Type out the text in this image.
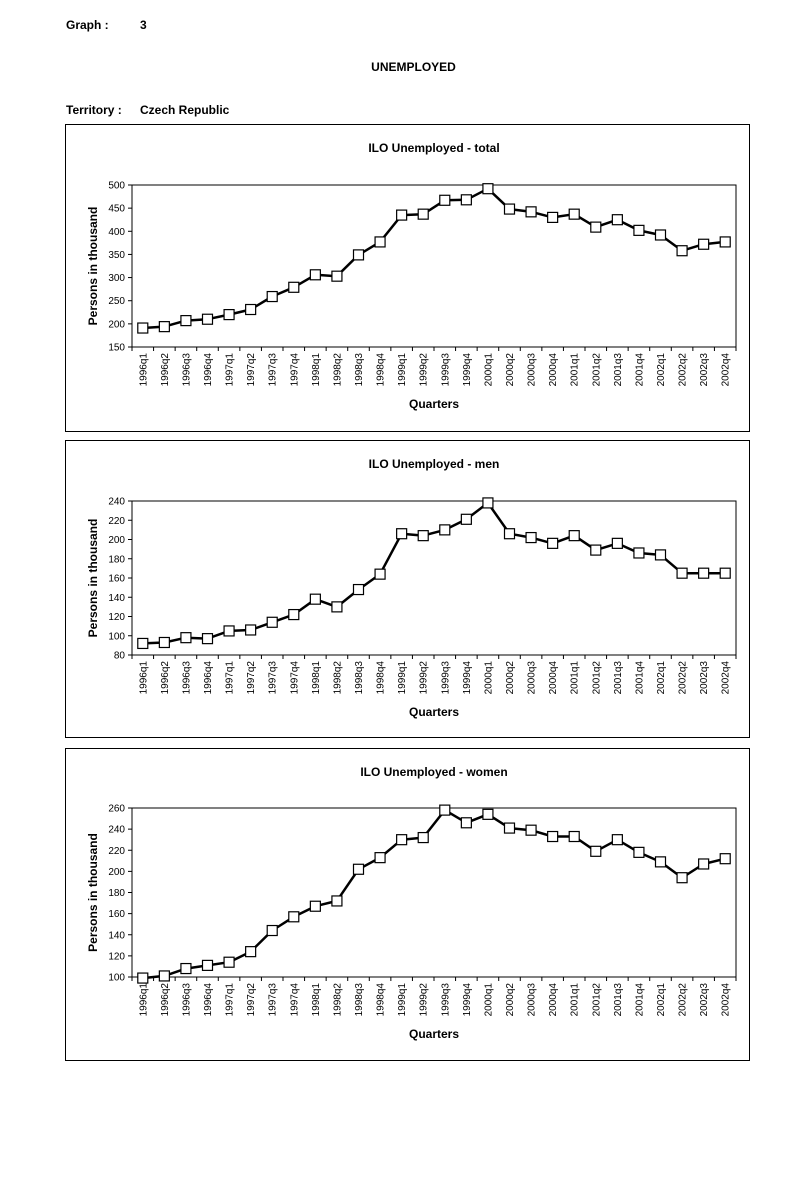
Graph :	3
UNEMPLOYED
Territory : Czech Republic
ILO Unemployed - total
150
200
250
300
350
400
450
500
1996q1 1996q2 1996q3 1996q4 1997q1 1997q2 1997q3 1997q4 1998q1 1998q2 1998q3 1998q4 1999q1 1999q2 1999q3 1999q4 2000q1 2000q2 2000q3 2000q4 2001q1 2001q2 2001q3 2001q4 2002q1 2002q2 2002q3 2002q4
Quarters
Persons in thousand
ILO Unemployed - men
80
100
120
140
160
180
200
220
240
1996q1 1996q2 1996q3 1996q4 1997q1 1997q2 1997q3 1997q4 1998q1 1998q2 1998q3 1998q4 1999q1 1999q2 1999q3 1999q4 2000q1 2000q2 2000q3 2000q4 2001q1 2001q2 2001q3 2001q4 2002q1 2002q2 2002q3 2002q4
Quarters
Persons in thousand
ILO Unemployed - women
100
120
140
160
180
200
220
240
260
1996q1 1996q2 1996q3 1996q4 1997q1 1997q2 1997q3 1997q4 1998q1 1998q2 1998q3 1998q4 1999q1 1999q2 1999q3 1999q4 2000q1 2000q2 2000q3 2000q4 2001q1 2001q2 2001q3 2001q4 2002q1 2002q2 2002q3 2002q4
Quarters
Persons in thousand
